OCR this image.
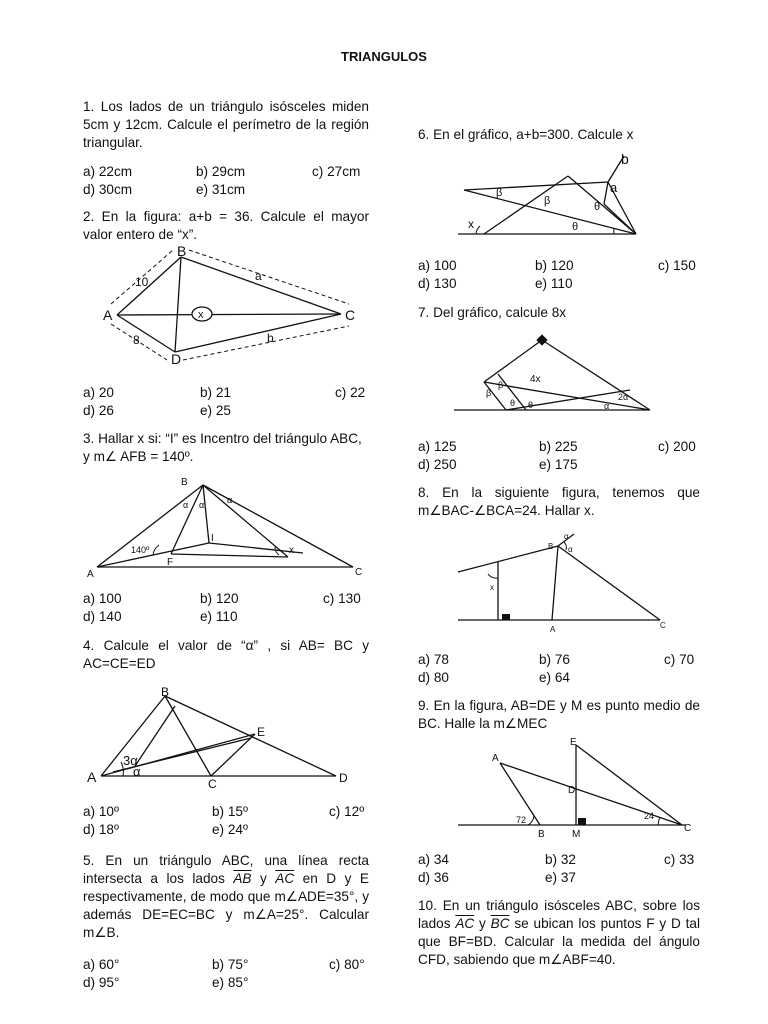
TRIANGULOS
1. Los lados de un triángulo isósceles miden 5cm y 12cm. Calcule el perímetro de la región triangular.
a) 22cm	b) 29cm	c) 27cm
d) 30cm	e) 31cm
2. En la figura: a+b = 36. Calcule el mayor valor entero de “x”.
B
A	C
D
10	a
8	b
x
a) 20	b) 21	c) 22
d) 26	e) 25
3. Hallar x si: “I” es Incentro del triángulo ABC, y m∠ AFB = 140º.
B
I
F
A	C
140º	x
α α	α
a) 100	b) 120	c) 130
d) 140	e) 110
4. Calcule el valor de “α” , si AB= BC y AC=CE=ED
B
E
A	C	D
3α
α
a) 10º	b) 15º	c) 12º
d) 18º	e) 24º
5. En un triángulo ABC, una línea recta intersecta a los lados $\overline{AB}$ y $\overline{AC}$ en D y E respectivamente, de modo que m∠ADE=35°, y además DE=EC=BC y m∠A=25°. Calcular m∠B.
a) 60°	b) 75°	c) 80°
d) 95°	e) 85°
6. En el gráfico, a+b=300. Calcule x
b
a
β
β	θ
θ
x
a) 100	b) 120	c) 150
d) 130	e) 110
7. Del gráfico, calcule 8x
4x
β
β
θ θ
2α
α
a) 125	b) 225	c) 200
d) 250	e) 175
8. En la siguiente figura, tenemos que m∠BAC-∠BCA=24. Hallar x.
B
A	C
x
α
α
a) 78	b) 76	c) 70
d) 80	e) 64
9. En la figura, AB=DE y M es punto medio de BC. Halle la m∠MEC
E
A
D
B	M
C
72	24
a) 34	b) 32	c) 33
d) 36	e) 37
10. En un triángulo isósceles ABC, sobre los lados $\overline{AC}$ y $\overline{BC}$ se ubican los puntos F y D tal que BF=BD. Calcular la medida del ángulo CFD, sabiendo que m∠ABF=40.
